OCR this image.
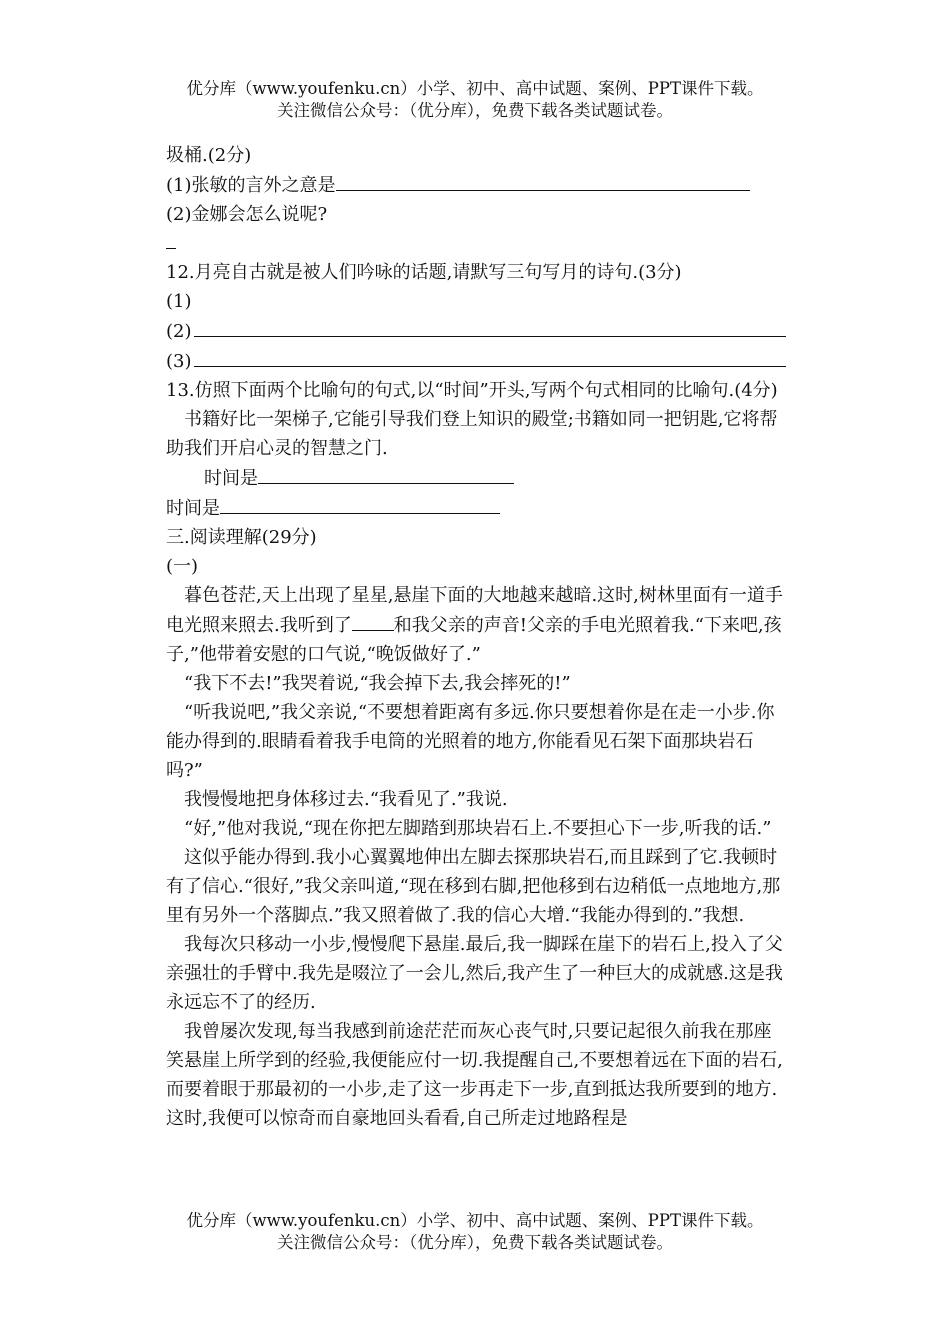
优分库（www.youfenku.cn）小学、初中、高中试题、案例、PPT课件下载。
关注微信公众号：（优分库），免费下载各类试题试卷。

圾桶.(2分)

(1)张敏的言外之意是

(2)金娜会怎么说呢?

12.月亮自古就是被人们吟咏的话题,请默写三句写月的诗句.(3分)

(1)

(2)
(3)

13.仿照下面两个比喻句的句式,以“时间”开头,写两个句式相同的比喻句.(4分)

书籍好比一架梯子,它能引导我们登上知识的殿堂;书籍如同一把钥匙,它将帮助我们开启心灵的智慧之门.

时间是

时间是

三.阅读理解(29分)

(一)

暮色苍茫,天上出现了星星,悬崖下面的大地越来越暗.这时,树林里面有一道手电光照来照去.我听到了 和我父亲的声音!父亲的手电光照着我.“下来吧,孩子,”他带着安慰的口气说,“晚饭做好了.”

“我下不去!”我哭着说,“我会掉下去,我会摔死的!”

“听我说吧,”我父亲说,“不要想着距离有多远.你只要想着你是在走一小步.你能办得到的.眼睛看着我手电筒的光照着的地方,你能看见石架下面那块岩石吗?”

我慢慢地把身体移过去.“我看见了.”我说.

“好,”他对我说,“现在你把左脚踏到那块岩石上.不要担心下一步,听我的话.”

这似乎能办得到.我小心翼翼地伸出左脚去探那块岩石,而且踩到了它.我顿时有了信心.“很好,”我父亲叫道,“现在移到右脚,把他移到右边稍低一点地地方,那里有另外一个落脚点.”我又照着做了.我的信心大增.“我能办得到的.”我想.

我每次只移动一小步,慢慢爬下悬崖.最后,我一脚踩在崖下的岩石上,投入了父亲强壮的手臂中.我先是啜泣了一会儿,然后,我产生了一种巨大的成就感.这是我永远忘不了的经历.

我曾屡次发现,每当我感到前途茫茫而灰心丧气时,只要记起很久前我在那座笑悬崖上所学到的经验,我便能应付一切.我提醒自己,不要想着远在下面的岩石,而要着眼于那最初的一小步,走了这一步再走下一步,直到抵达我所要到的地方.这时,我便可以惊奇而自豪地回头看看,自己所走过地路程是

优分库（www.youfenku.cn）小学、初中、高中试题、案例、PPT课件下载。
关注微信公众号：（优分库），免费下载各类试题试卷。
